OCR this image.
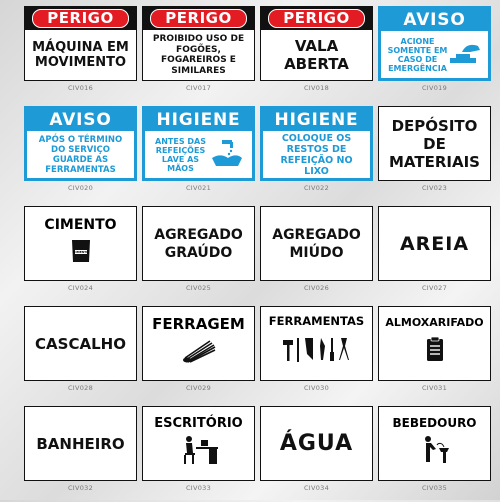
PERIGO
MÁQUINA EM MOVIMENTO
CIV016
PERIGO
PROIBIDO USO DE FOGÕES, FOGAREIROS E SIMILARES
CIV017
PERIGO
VALA ABERTA
CIV018
AVISO
ACIONE SOMENTE EM CASO DE EMERGÊNCIA
CIV019
AVISO
APÓS O TÉRMINO DO SERVIÇO GUARDE AS FERRAMENTAS
CIV020
HIGIENE
ANTES DAS REFEIÇÕES LAVE AS MÃOS
CIV021
HIGIENE
COLOQUE OS RESTOS DE REFEIÇÃO NO LIXO
CIV022
DEPÓSITO DE MATERIAIS
CIV023
CIMENTO
CIMENTO
CIV024
AGREGADO GRAÚDO
CIV025
AGREGADO MIÚDO
CIV026
AREIA
CIV027
CASCALHO
CIV028
FERRAGEM
CIV029
FERRAMENTAS
CIV030
ALMOXARIFADO
CIV031
BANHEIRO
CIV032
ESCRITÓRIO
CIV033
ÁGUA
CIV034
BEBEDOURO
CIV035
